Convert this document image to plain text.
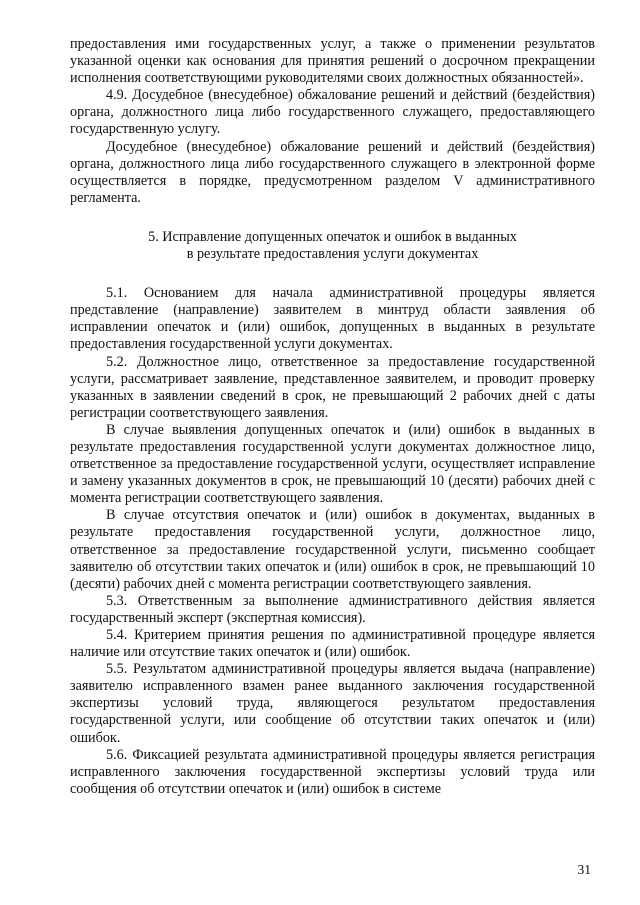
предоставления ими государственных услуг, а также о применении результатов указанной оценки как основания для принятия решений о досрочном прекращении исполнения соответствующими руководителями своих должностных обязанностей».

4.9. Досудебное (внесудебное) обжалование решений и действий (бездействия) органа, должностного лица либо государственного служащего, предоставляющего государственную услугу.

Досудебное (внесудебное) обжалование решений и действий (бездействия) органа, должностного лица либо государственного служащего в электронной форме осуществляется в порядке, предусмотренном разделом V административного регламента.

5. Исправление допущенных опечаток и ошибок в выданных
в результате предоставления услуги документах

5.1. Основанием для начала административной процедуры является представление (направление) заявителем в минтруд области заявления об исправлении опечаток и (или) ошибок, допущенных в выданных в результате предоставления государственной услуги документах.

5.2. Должностное лицо, ответственное за предоставление государственной услуги, рассматривает заявление, представленное заявителем, и проводит проверку указанных в заявлении сведений в срок, не превышающий 2 рабочих дней с даты регистрации соответствующего заявления.

В случае выявления допущенных опечаток и (или) ошибок в выданных в результате предоставления государственной услуги документах должностное лицо, ответственное за предоставление государственной услуги, осуществляет исправление и замену указанных документов в срок, не превышающий 10 (десяти) рабочих дней с момента регистрации соответствующего заявления.

В случае отсутствия опечаток и (или) ошибок в документах, выданных в результате предоставления государственной услуги, должностное лицо, ответственное за предоставление государственной услуги, письменно сообщает заявителю об отсутствии таких опечаток и (или) ошибок в срок, не превышающий 10 (десяти) рабочих дней с момента регистрации соответствующего заявления.

5.3. Ответственным за выполнение административного действия является государственный эксперт (экспертная комиссия).

5.4. Критерием принятия решения по административной процедуре является наличие или отсутствие таких опечаток и (или) ошибок.

5.5. Результатом административной процедуры является выдача (направление) заявителю исправленного взамен ранее выданного заключения государственной экспертизы условий труда, являющегося результатом предоставления государственной услуги, или сообщение об отсутствии таких опечаток и (или) ошибок.

5.6. Фиксацией результата административной процедуры является регистрация исправленного заключения государственной экспертизы условий труда или сообщения об отсутствии опечаток и (или) ошибок в системе

31
